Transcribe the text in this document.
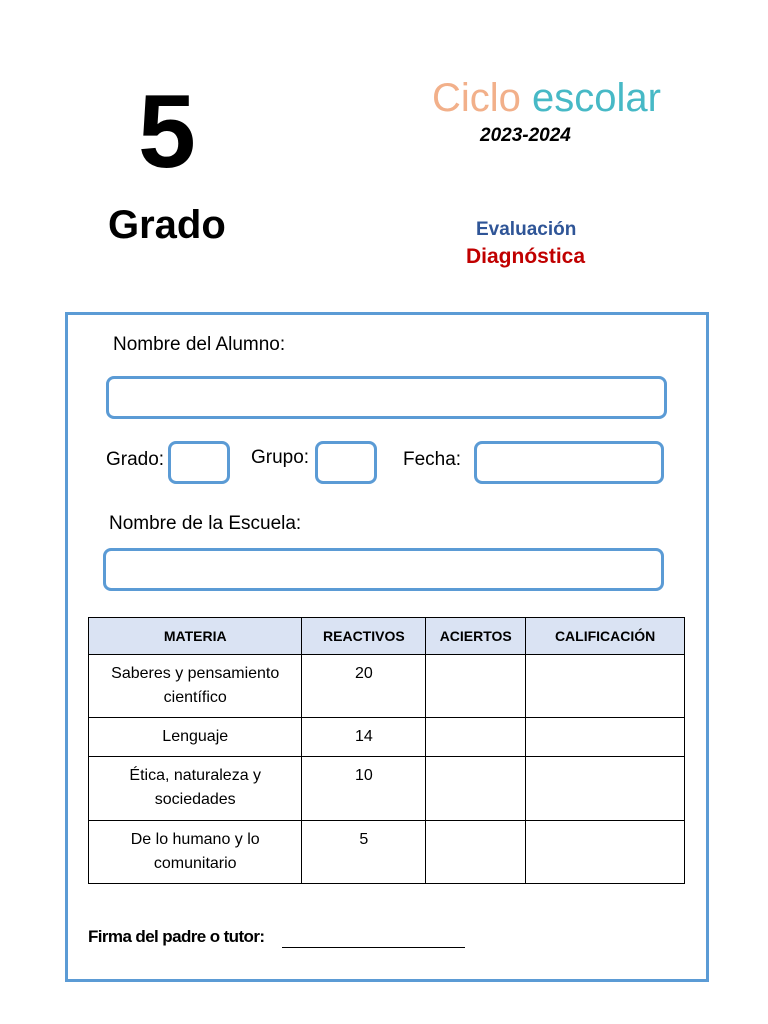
5
Grado
Ciclo escolar
2023-2024
Evaluación
Diagnóstica
Nombre del Alumno:
Grado:	Grupo:	Fecha:
Nombre de la Escuela:
MATERIA	REACTIVOS	ACIERTOS	CALIFICACIÓN
Saberes y pensamiento científico	20		
Lenguaje	14		
Ética, naturaleza y sociedades	10		
De lo humano y lo comunitario	5		
Firma del padre o tutor:
